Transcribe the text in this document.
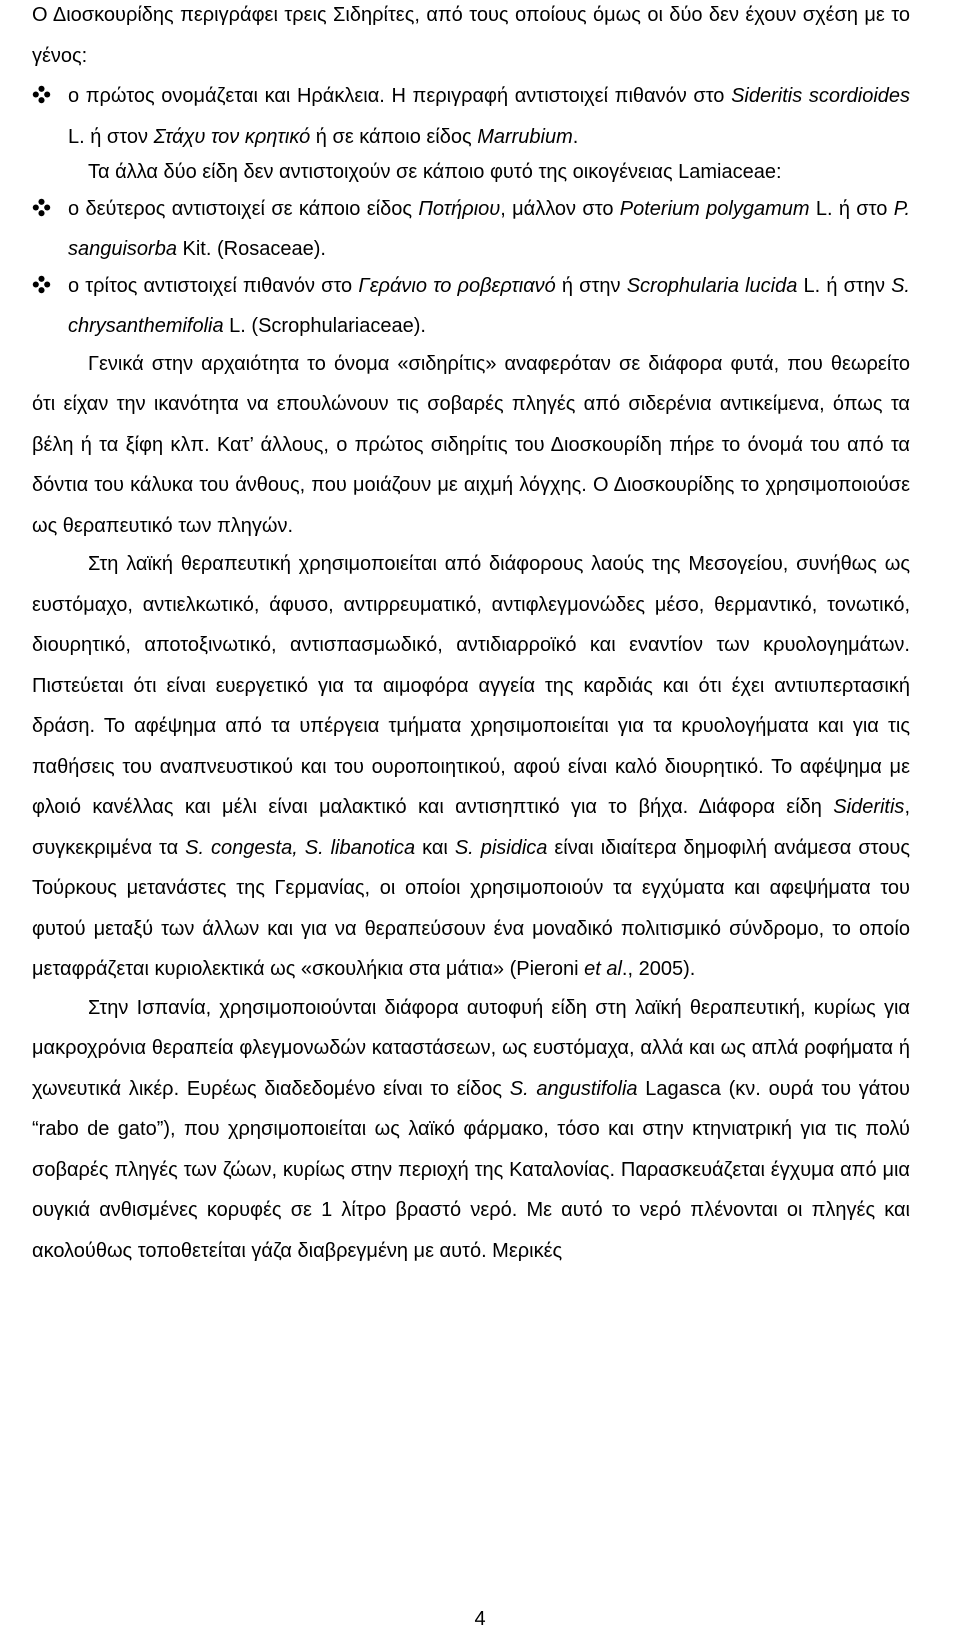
Ο Διοσκουρίδης περιγράφει τρεις Σιδηρίτες, από τους οποίους όμως οι δύο δεν έχουν σχέση με το γένος:

ο πρώτος ονομάζεται και Ηράκλεια. Η περιγραφή αντιστοιχεί πιθανόν στο Sideritis scordioides L. ή στον Στάχυ τον κρητικό ή σε κάποιο είδος Marrubium.

Τα άλλα δύο είδη δεν αντιστοιχούν σε κάποιο φυτό της οικογένειας Lamiaceae:

ο δεύτερος αντιστοιχεί σε κάποιο είδος Ποτήριου, μάλλον στο Poterium polygamum L. ή στο P. sanguisorba Kit. (Rosaceae).

ο τρίτος αντιστοιχεί πιθανόν στο Γεράνιο το ροβερτιανό ή στην Scrophularia lucida L. ή στην S. chrysanthemifolia L. (Scrophulariaceae).

Γενικά στην αρχαιότητα το όνομα «σιδηρίτις» αναφερόταν σε διάφορα φυτά, που θεωρείτο ότι είχαν την ικανότητα να επουλώνουν τις σοβαρές πληγές από σιδερένια αντικείμενα, όπως τα βέλη ή τα ξίφη κλπ. Κατ’ άλλους, ο πρώτος σιδηρίτις του Διοσκουρίδη πήρε το όνομά του από τα δόντια του κάλυκα του άνθους, που μοιάζουν με αιχμή λόγχης. Ο Διοσκουρίδης το χρησιμοποιούσε ως θεραπευτικό των πληγών.

Στη λαϊκή θεραπευτική χρησιμοποιείται από διάφορους λαούς της Μεσογείου, συνήθως ως ευστόμαχο, αντιελκωτικό, άφυσο, αντιρρευματικό, αντιφλεγμονώδες μέσο, θερμαντικό, τονωτικό, διουρητικό, αποτοξινωτικό, αντισπασμωδικό, αντιδιαρροϊκό και εναντίον των κρυολογημάτων. Πιστεύεται ότι είναι ευεργετικό για τα αιμοφόρα αγγεία της καρδιάς και ότι έχει αντιυπερτασική δράση. Το αφέψημα από τα υπέργεια τμήματα χρησιμοποιείται για τα κρυολογήματα και για τις παθήσεις του αναπνευστικού και του ουροποιητικού, αφού είναι καλό διουρητικό. Το αφέψημα με φλοιό κανέλλας και μέλι είναι μαλακτικό και αντισηπτικό για το βήχα. Διάφορα είδη Sideritis, συγκεκριμένα τα S. congesta, S. libanotica και S. pisidica είναι ιδιαίτερα δημοφιλή ανάμεσα στους Τούρκους μετανάστες της Γερμανίας, οι οποίοι χρησιμοποιούν τα εγχύματα και αφεψήματα του φυτού μεταξύ των άλλων και για να θεραπεύσουν ένα μοναδικό πολιτισμικό σύνδρομο, το οποίο μεταφράζεται κυριολεκτικά ως «σκουλήκια στα μάτια» (Pieroni et al., 2005).

Στην Ισπανία, χρησιμοποιούνται διάφορα αυτοφυή είδη στη λαϊκή θεραπευτική, κυρίως για μακροχρόνια θεραπεία φλεγμονωδών καταστάσεων, ως ευστόμαχα, αλλά και ως απλά ροφήματα ή χωνευτικά λικέρ. Ευρέως διαδεδομένο είναι το είδος S. angustifolia Lagasca (κν. ουρά του γάτου “rabo de gato”), που χρησιμοποιείται ως λαϊκό φάρμακο, τόσο και στην κτηνιατρική για τις πολύ σοβαρές πληγές των ζώων, κυρίως στην περιοχή της Καταλονίας. Παρασκευάζεται έγχυμα από μια ουγκιά ανθισμένες κορυφές σε 1 λίτρο βραστό νερό. Με αυτό το νερό πλένονται οι πληγές και ακολούθως τοποθετείται γάζα διαβρεγμένη με αυτό. Μερικές

4
